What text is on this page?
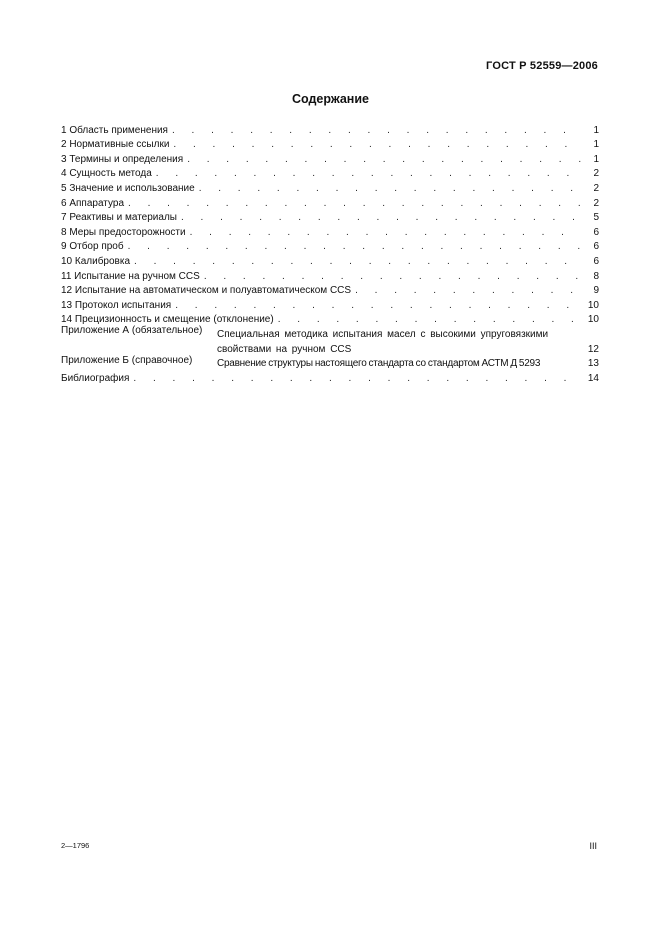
ГОСТ Р 52559—2006
Содержание
1 Область применения . . .	1
2 Нормативные ссылки . . .	1
3 Термины и определения . . .	1
4 Сущность метода . . .	2
5 Значение и использование . . .	2
6 Аппаратура . . .	2
7 Реактивы и материалы . . .	5
8 Меры предосторожности . . .	6
9 Отбор проб . . .	6
10 Калибровка . . .	6
11 Испытание на ручном CCS . . .	8
12 Испытание на автоматическом и полуавтоматическом CCS . . .	9
13 Протокол испытания . . .	10
14 Прецизионность и смещение (отклонение) . . .	10
Приложение А (обязательное)	Специальная методика испытания масел с высокими упруговязкими
свойствами на ручном CCS	12
Приложение Б (справочное)	Сравнение структуры настоящего стандарта со стандартом АСТМ Д 5293	13
Библиография . . .	14
2—1796	III
